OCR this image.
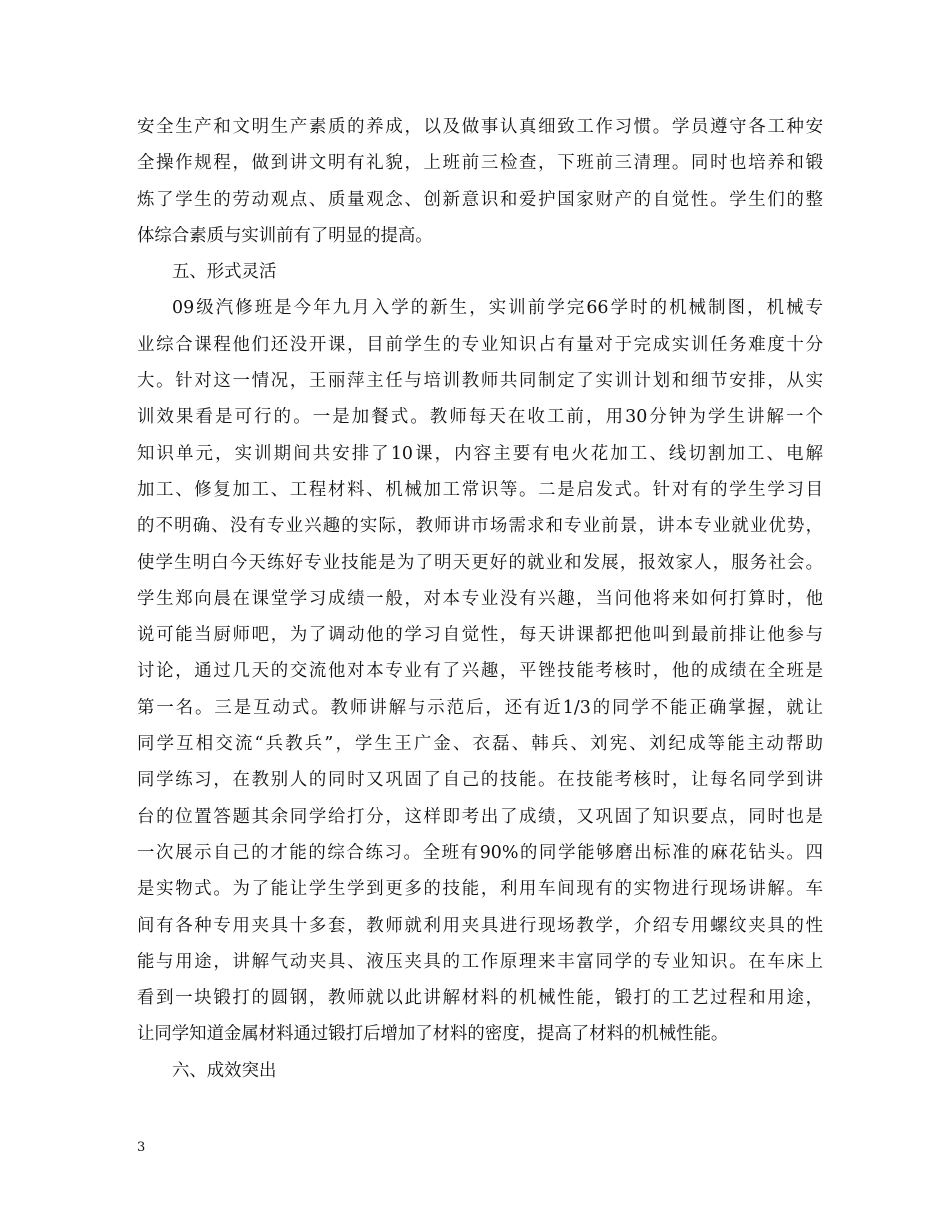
安全生产和文明生产素质的养成，以及做事认真细致工作习惯。学员遵守各工种安
全操作规程，做到讲文明有礼貌，上班前三检查，下班前三清理。同时也培养和锻
炼了学生的劳动观点、质量观念、创新意识和爱护国家财产的自觉性。学生们的整
体综合素质与实训前有了明显的提高。
五、形式灵活
09级汽修班是今年九月入学的新生，实训前学完66学时的机械制图，机械专
业综合课程他们还没开课，目前学生的专业知识占有量对于完成实训任务难度十分
大。针对这一情况，王丽萍主任与培训教师共同制定了实训计划和细节安排，从实
训效果看是可行的。一是加餐式。教师每天在收工前，用30分钟为学生讲解一个
知识单元，实训期间共安排了10课，内容主要有电火花加工、线切割加工、电解
加工、修复加工、工程材料、机械加工常识等。二是启发式。针对有的学生学习目
的不明确、没有专业兴趣的实际，教师讲市场需求和专业前景，讲本专业就业优势，
使学生明白今天练好专业技能是为了明天更好的就业和发展，报效家人，服务社会。
学生郑向晨在课堂学习成绩一般，对本专业没有兴趣，当问他将来如何打算时，他
说可能当厨师吧，为了调动他的学习自觉性，每天讲课都把他叫到最前排让他参与
讨论，通过几天的交流他对本专业有了兴趣，平锉技能考核时，他的成绩在全班是
第一名。三是互动式。教师讲解与示范后，还有近1/3的同学不能正确掌握，就让
同学互相交流“兵教兵”，学生王广金、衣磊、韩兵、刘宪、刘纪成等能主动帮助
同学练习，在教别人的同时又巩固了自己的技能。在技能考核时，让每名同学到讲
台的位置答题其余同学给打分，这样即考出了成绩，又巩固了知识要点，同时也是
一次展示自己的才能的综合练习。全班有90%的同学能够磨出标准的麻花钻头。四
是实物式。为了能让学生学到更多的技能，利用车间现有的实物进行现场讲解。车
间有各种专用夹具十多套，教师就利用夹具进行现场教学，介绍专用螺纹夹具的性
能与用途，讲解气动夹具、液压夹具的工作原理来丰富同学的专业知识。在车床上
看到一块锻打的圆钢，教师就以此讲解材料的机械性能，锻打的工艺过程和用途，
让同学知道金属材料通过锻打后增加了材料的密度，提高了材料的机械性能。
六、成效突出
3
